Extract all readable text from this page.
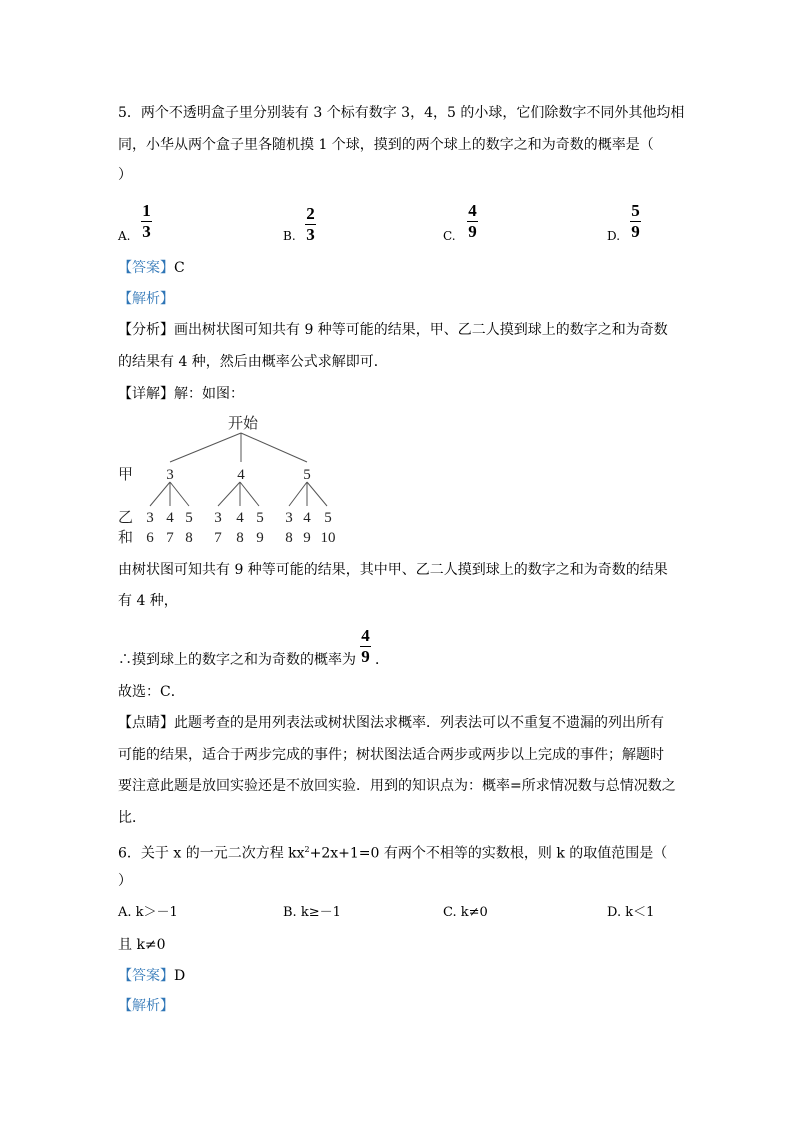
5．两个不透明盒子里分别装有 3 个标有数字 3，4，5 的小球，它们除数字不同外其他均相
同，小华从两个盒子里各随机摸 1 个球，摸到的两个球上的数字之和为奇数的概率是（
）
A.
1
3	B.
2
3	C.
4
9	D.
5
9
【答案】C
【解析】
【分析】画出树状图可知共有 9 种等可能的结果，甲、乙二人摸到球上的数字之和为奇数
的结果有 4 种，然后由概率公式求解即可．
【详解】解：如图：
开始
甲 3	4	5
乙 3 4 5 3 4 5 3 4 5
和 6 7 8 7 8 9 8 9 10
由树状图可知共有 9 种等可能的结果，其中甲、乙二人摸到球上的数字之和为奇数的结果
有 4 种，
∴摸到球上的数字之和为奇数的概率为
4
9 ．
故选：C．
【点睛】此题考查的是用列表法或树状图法求概率．列表法可以不重复不遗漏的列出所有
可能的结果，适合于两步完成的事件；树状图法适合两步或两步以上完成的事件；解题时
要注意此题是放回实验还是不放回实验．用到的知识点为：概率=所求情况数与总情况数之
比．
6．关于 x 的一元二次方程 $kx^2+2x+1=0$ 有两个不相等的实数根，则 k 的取值范围是（
）
A. k＞－1	B. k≥－1	C. k≠0	D. k＜1
且 k≠0
【答案】D
【解析】
